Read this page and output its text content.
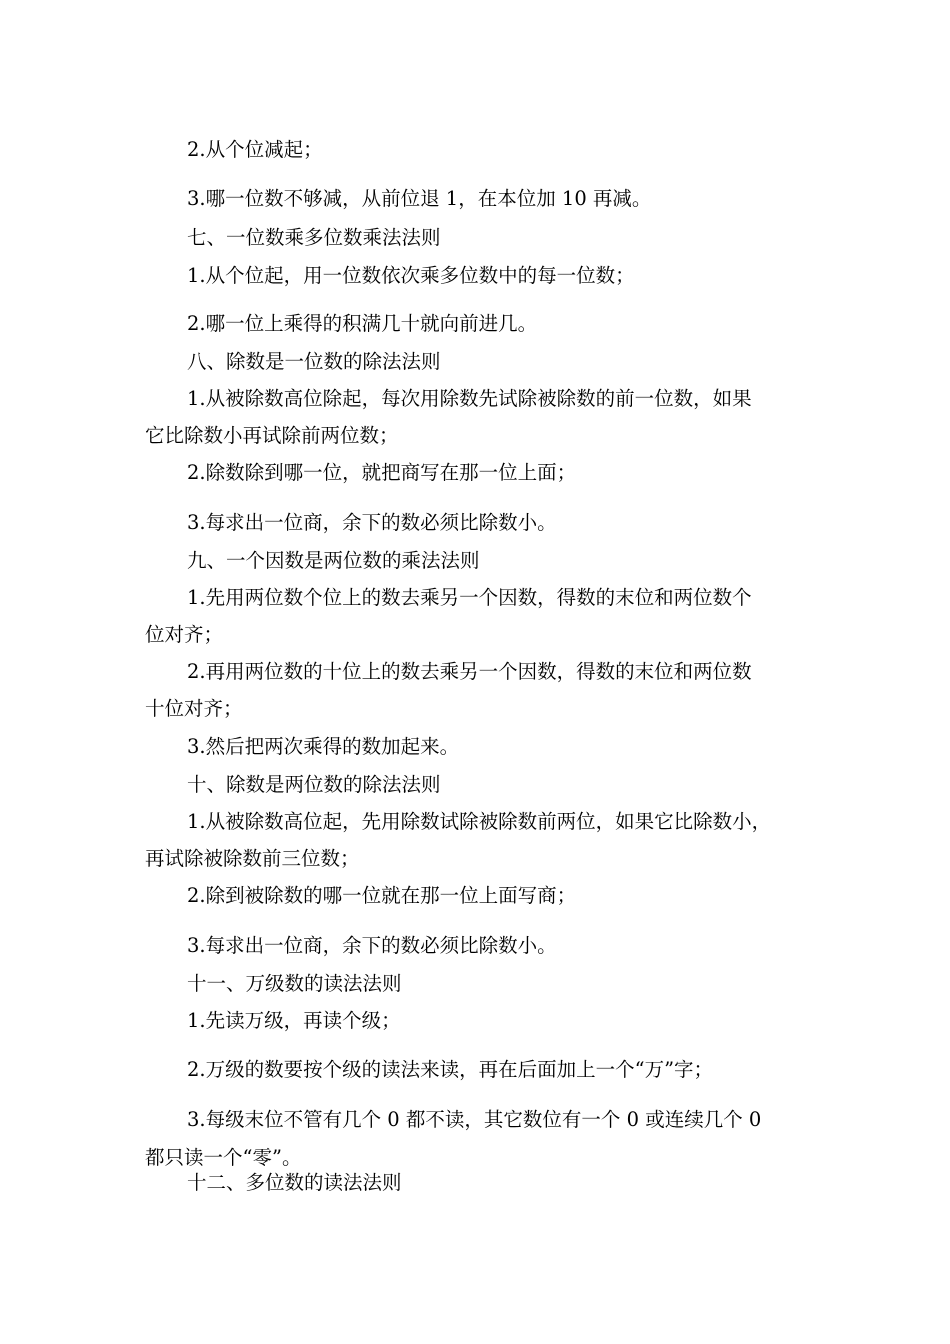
2.从个位减起；
3.哪一位数不够减，从前位退 1，在本位加 10 再减。
七、一位数乘多位数乘法法则
1.从个位起，用一位数依次乘多位数中的每一位数；
2.哪一位上乘得的积满几十就向前进几。
八、除数是一位数的除法法则
1.从被除数高位除起，每次用除数先试除被除数的前一位数，如果
它比除数小再试除前两位数；
2.除数除到哪一位，就把商写在那一位上面；
3.每求出一位商，余下的数必须比除数小。
九、一个因数是两位数的乘法法则
1.先用两位数个位上的数去乘另一个因数，得数的末位和两位数个
位对齐；
2.再用两位数的十位上的数去乘另一个因数，得数的末位和两位数
十位对齐；
3.然后把两次乘得的数加起来。
十、除数是两位数的除法法则
1.从被除数高位起，先用除数试除被除数前两位，如果它比除数小，
再试除被除数前三位数；
2.除到被除数的哪一位就在那一位上面写商；
3.每求出一位商，余下的数必须比除数小。
十一、万级数的读法法则
1.先读万级，再读个级；
2.万级的数要按个级的读法来读，再在后面加上一个“万”字；
3.每级末位不管有几个 0 都不读，其它数位有一个 0 或连续几个 0
都只读一个“零”。
十二、多位数的读法法则
